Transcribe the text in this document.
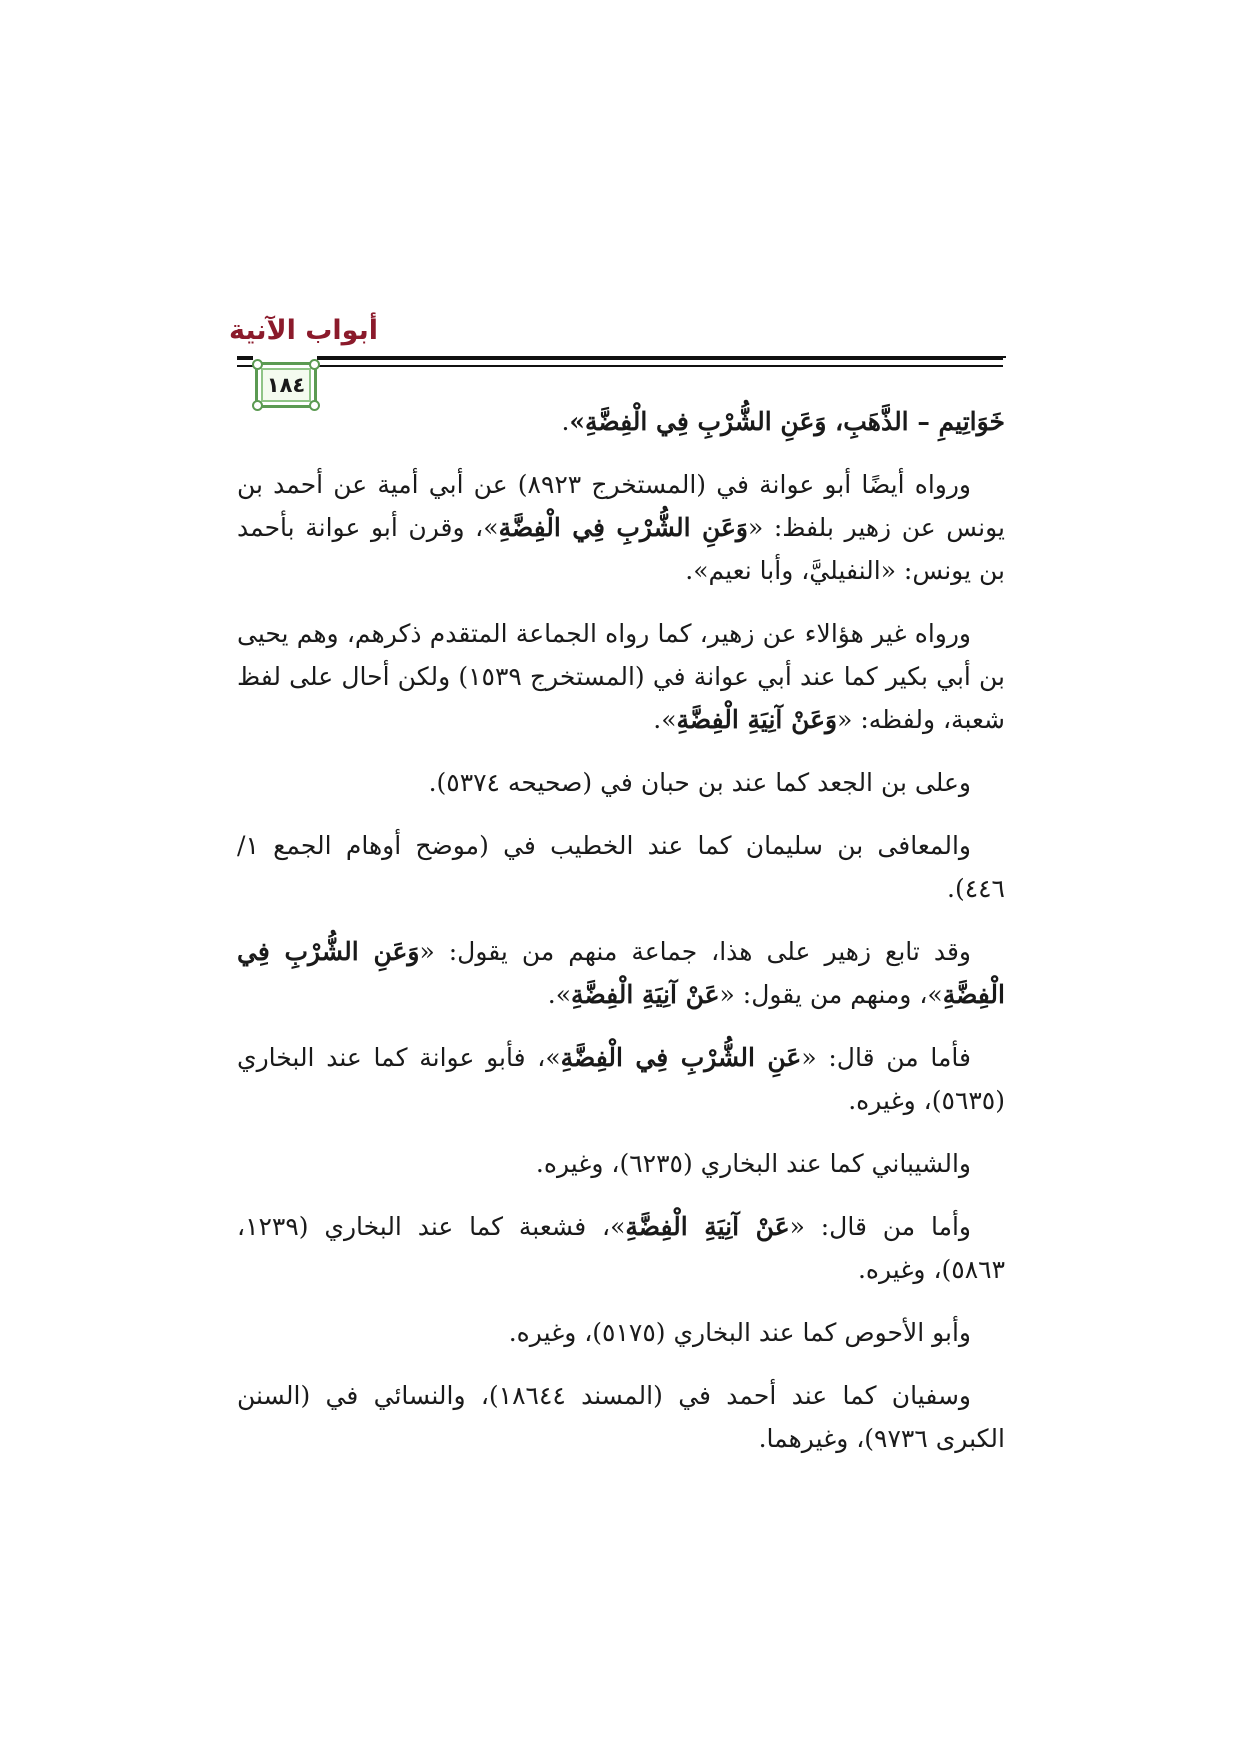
أبواب الآنية
١٨٤

خَوَاتِيمِ – الذَّهَبِ، وَعَنِ الشُّرْبِ فِي الْفِضَّةِ».

ورواه أيضًا أبو عوانة في (المستخرج ٨٩٢٣) عن أبي أمية عن أحمد بن يونس عن زهير بلفظ: «وَعَنِ الشُّرْبِ فِي الْفِضَّةِ»، وقرن أبو عوانة بأحمد بن يونس: «النفيليَّ، وأبا نعيم».

ورواه غير هؤالاء عن زهير، كما رواه الجماعة المتقدم ذكرهم، وهم يحيى بن أبي بكير كما عند أبي عوانة في (المستخرج ١٥٣٩) ولكن أحال على لفظ شعبة، ولفظه: «وَعَنْ آنِيَةِ الْفِضَّةِ».

وعلى بن الجعد كما عند بن حبان في (صحيحه ٥٣٧٤).

والمعافى بن سليمان كما عند الخطيب في (موضح أوهام الجمع ١/ ٤٤٦).

وقد تابع زهير على هذا، جماعة منهم من يقول: «وَعَنِ الشُّرْبِ فِي الْفِضَّةِ»، ومنهم من يقول: «عَنْ آنِيَةِ الْفِضَّةِ».

فأما من قال: «عَنِ الشُّرْبِ فِي الْفِضَّةِ»، فأبو عوانة كما عند البخاري (٥٦٣٥)، وغيره.

والشيباني كما عند البخاري (٦٢٣٥)، وغيره.

وأما من قال: «عَنْ آنِيَةِ الْفِضَّةِ»، فشعبة كما عند البخاري (١٢٣٩، ٥٨٦٣)، وغيره.

وأبو الأحوص كما عند البخاري (٥١٧٥)، وغيره.

وسفيان كما عند أحمد في (المسند ١٨٦٤٤)، والنسائي في (السنن الكبرى ٩٧٣٦)، وغيرهما.
